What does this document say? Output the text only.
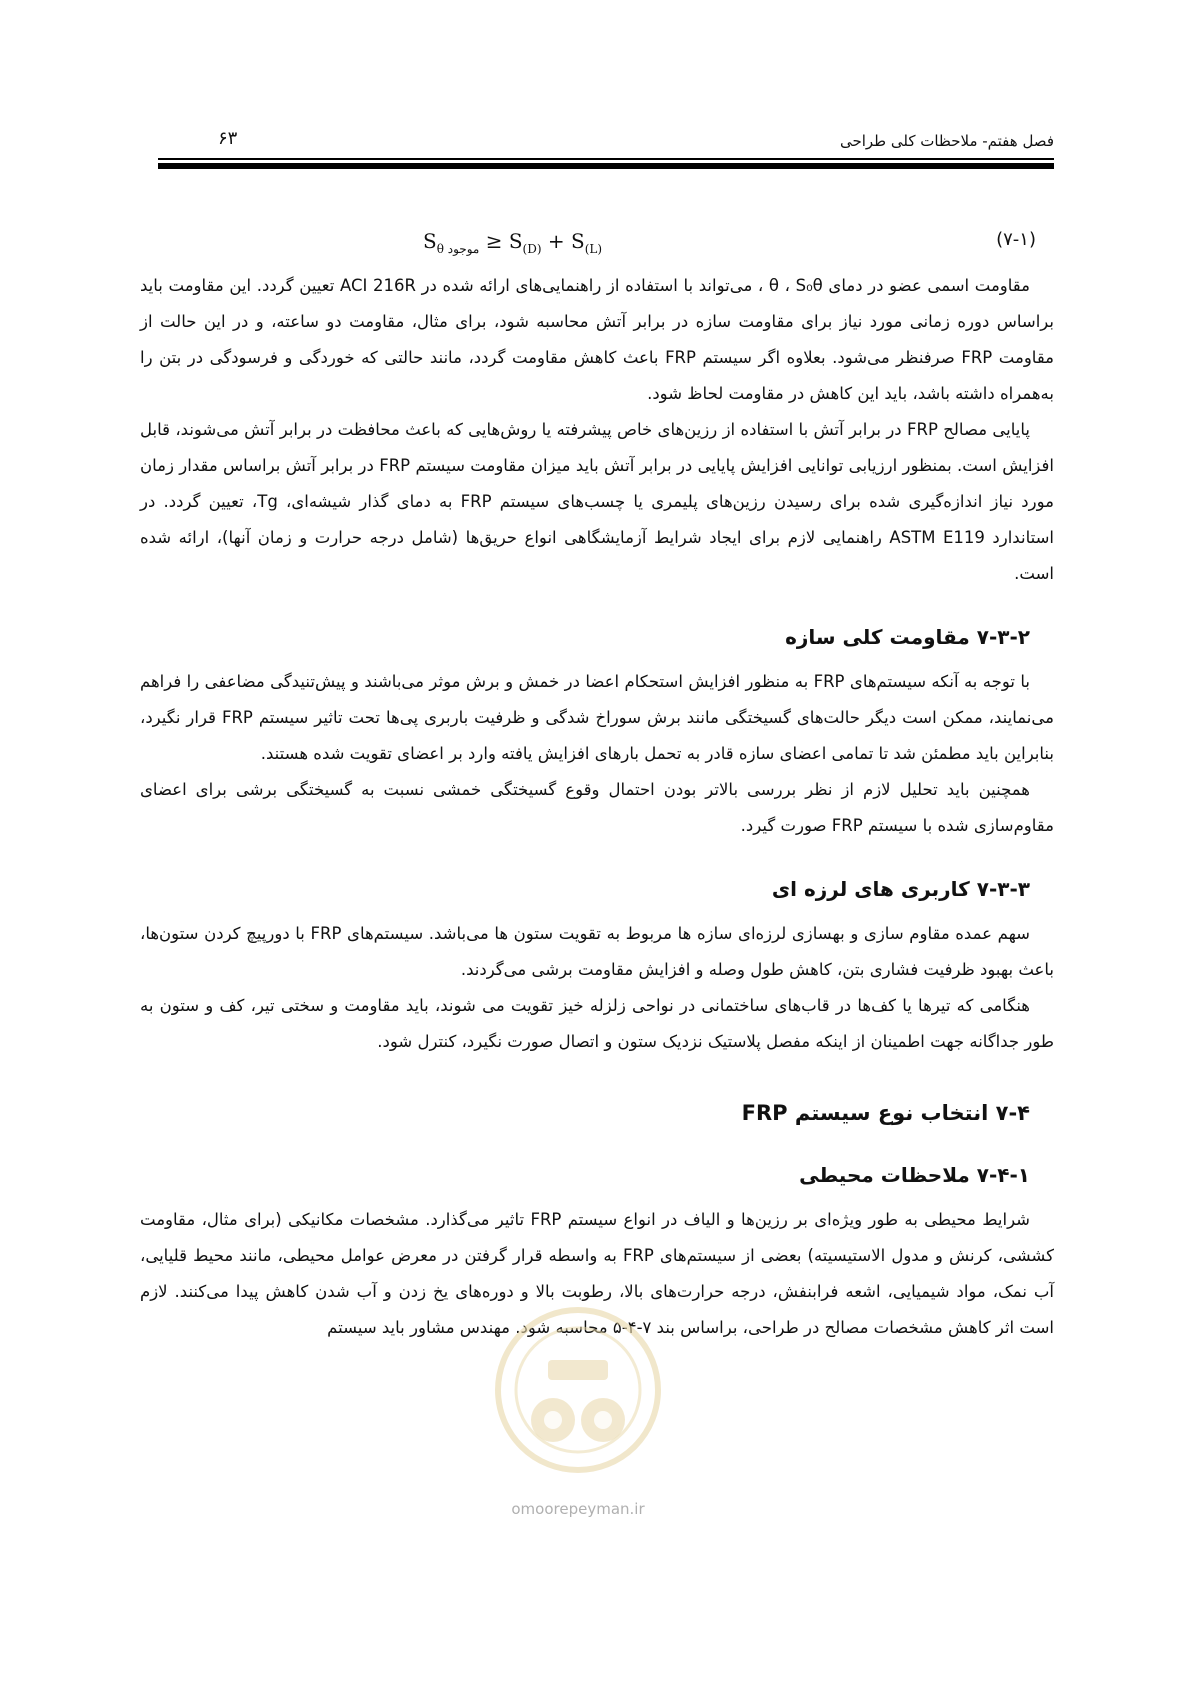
فصل هفتم- ملاحظات کلی طراحی
۶۳
$S_{\theta موجود} \ge S_{(D)} + S_{(L)}$	(۷-۱)

مقاومت اسمی عضو در دمای θ ، S₀θ ، می‌تواند با استفاده از راهنمایی‌های ارائه شده در ACI 216R تعیین گردد. این مقاومت باید براساس دوره زمانی مورد نیاز برای مقاومت سازه در برابر آتش محاسبه شود، برای مثال، مقاومت دو ساعته، و در این حالت از مقاومت FRP صرفنظر می‌شود. بعلاوه اگر سیستم FRP باعث کاهش مقاومت گردد، مانند حالتی که خوردگی و فرسودگی در بتن را به‌همراه داشته باشد، باید این کاهش در مقاومت لحاظ شود.

پایایی مصالح FRP در برابر آتش با استفاده از رزین‌های خاص پیشرفته یا روش‌هایی که باعث محافظت در برابر آتش می‌شوند، قابل افزایش است. بمنظور ارزیابی توانایی افزایش پایایی در برابر آتش باید میزان مقاومت سیستم FRP در برابر آتش براساس مقدار زمان مورد نیاز اندازه‌گیری شده برای رسیدن رزین‌های پلیمری یا چسب‌های سیستم FRP به دمای گذار شیشه‌ای، Tg، تعیین گردد. در استاندارد ASTM E119 راهنمایی لازم برای ایجاد شرایط آزمایشگاهی انواع حریق‌ها (شامل درجه حرارت و زمان آنها)، ارائه شده است.

۷-۳-۲ مقاومت کلی سازه

با توجه به آنکه سیستم‌های FRP به منظور افزایش استحکام اعضا در خمش و برش موثر می‌باشند و پیش‌تنیدگی مضاعفی را فراهم می‌نمایند، ممکن است دیگر حالت‌های گسیختگی مانند برش سوراخ شدگی و ظرفیت باربری پی‌ها تحت تاثیر سیستم FRP قرار نگیرد، بنابراین باید مطمئن شد تا تمامی اعضای سازه قادر به تحمل بارهای افزایش یافته وارد بر اعضای تقویت شده هستند.

همچنین باید تحلیل لازم از نظر بررسی بالاتر بودن احتمال وقوع گسیختگی خمشی نسبت به گسیختگی برشی برای اعضای مقاوم‌سازی شده با سیستم FRP صورت گیرد.

۷-۳-۳ کاربری های لرزه ای

سهم عمده مقاوم سازی و بهسازی لرزه‌ای سازه ها مربوط به تقویت ستون ها می‌باشد. سیستم‌های FRP با دورپیچ کردن ستون‌ها، باعث بهبود ظرفیت فشاری بتن، کاهش طول وصله و افزایش مقاومت برشی می‌گردند.

هنگامی که تیرها یا کف‌ها در قاب‌های ساختمانی در نواحی زلزله خیز تقویت می شوند، باید مقاومت و سختی تیر، کف و ستون به طور جداگانه جهت اطمینان از اینکه مفصل پلاستیک نزدیک ستون و اتصال صورت نگیرد، کنترل شود.

۷-۴ انتخاب نوع سیستم FRP
۷-۴-۱ ملاحظات محیطی

شرایط محیطی به طور ویژه‌ای بر رزین‌ها و الیاف در انواع سیستم FRP تاثیر می‌گذارد. مشخصات مکانیکی (برای مثال، مقاومت کششی، کرنش و مدول الاستیسیته) بعضی از سیستم‌های FRP به واسطه قرار گرفتن در معرض عوامل محیطی، مانند محیط قلیایی، آب نمک، مواد شیمیایی، اشعه فرابنفش، درجه حرارت‌های بالا، رطوبت بالا و دوره‌های یخ زدن و آب شدن کاهش پیدا می‌کنند. لازم است اثر کاهش مشخصات مصالح در طراحی، براساس بند ۷-۴-۵ محاسبه شود. مهندس مشاور باید سیستم

omoorepeyman.ir
